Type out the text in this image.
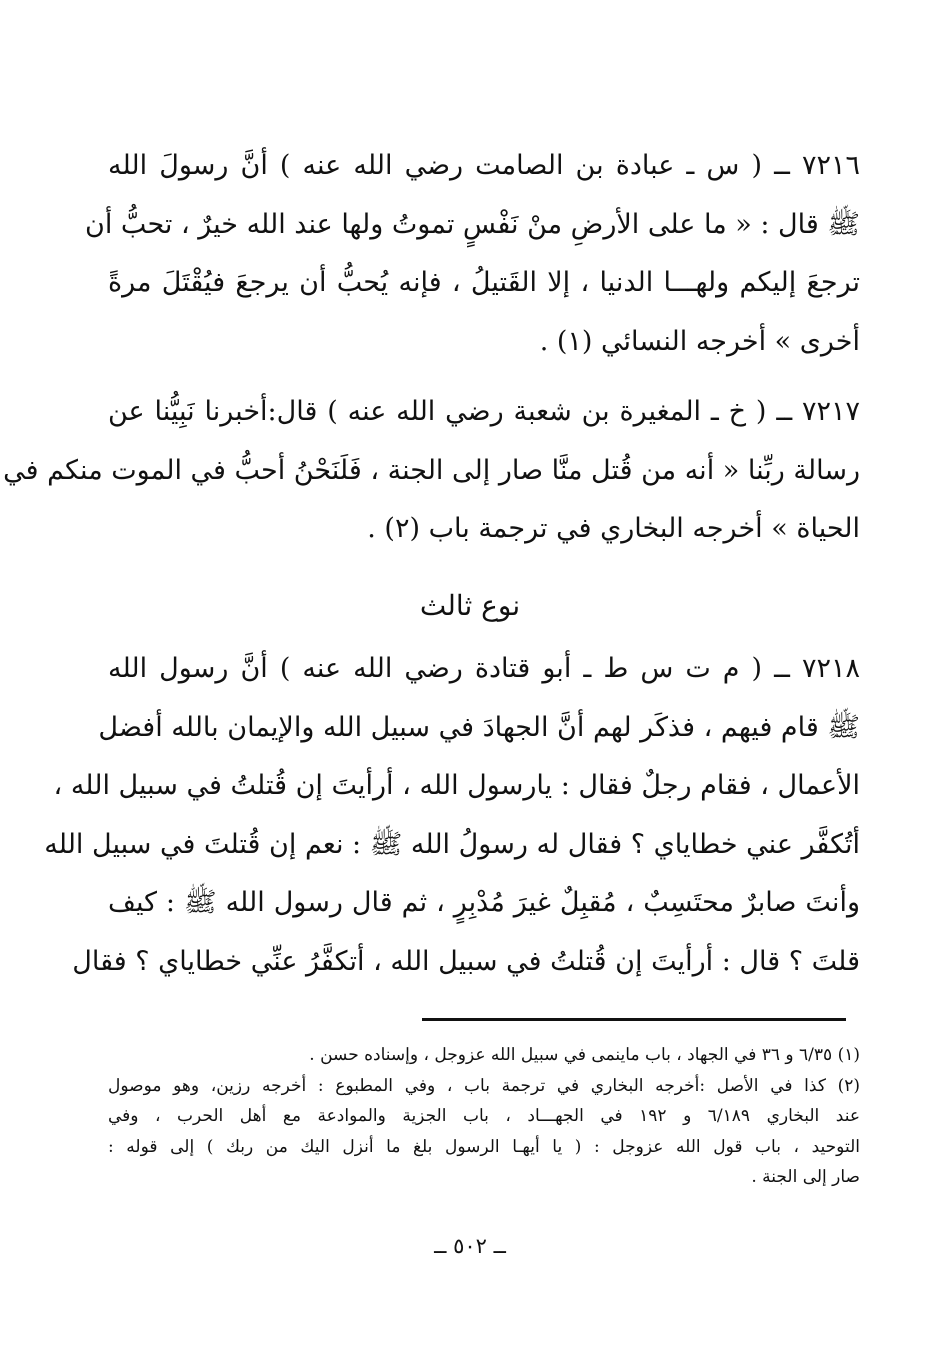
٧٢١٦ ــ ( س ـ عبادة بن الصامت رضي الله عنه ) أنَّ رسولَ الله
ﷺ قال : « ما على الأرضِ منْ نَفْسٍ تموتُ ولها عند الله خيرٌ ، تحبُّ أن
ترجعَ إليكم ولهـــا الدنيا ، إلا القَتيلُ ، فإنه يُحبُّ أن يرجعَ فيُقْتَلَ مرةً
أخرى » أخرجه النسائي (١) .
٧٢١٧ ــ ( خ ـ المغيرة بن شعبة رضي الله عنه ) قال:أخبرنا نَبِيُّنا عن
رسالة ربِّنا « أنه من قُتل منَّا صار إلى الجنة ، فَلَنَحْنُ أحبُّ في الموت منكم في
الحياة » أخرجه البخاري في ترجمة باب (٢) .
نوع ثالث
٧٢١٨ ــ ( م ت س ط ـ أبو قتادة رضي الله عنه ) أنَّ رسول الله
ﷺ قام فيهم ، فذكَر لهم أنَّ الجهادَ في سبيل الله والإيمان بالله أفضل
الأعمال ، فقام رجلٌ فقال : يارسول الله ، أرأيتَ إن قُتلتُ في سبيل الله ،
أتُكفَّر عني خطاياي ؟ فقال له رسولُ الله ﷺ : نعم إن قُتلتَ في سبيل الله
وأنتَ صابرٌ محتَسِبٌ ، مُقبِلٌ غيرَ مُدْبِرٍ ، ثم قال رسول الله ﷺ : كيف
قلتَ ؟ قال : أرأيتَ إن قُتلتُ في سبيل الله ، أتكفَّرُ عنِّي خطاياي ؟ فقال
(١) ٦/٣٥ و ٣٦ في الجهاد ، باب ماينمى في سبيل الله عزوجل ، وإسناده حسن .
(٢) كذا في الأصل :أخرجه البخاري في ترجمة باب ، وفي المطبوع : أخرجه رزين، وهو موصول
عند البخاري ٦/١٨٩ و ١٩٢ في الجهـــاد ، باب الجزية والموادعة مع أهل الحرب ، وفي
التوحيد ، باب قول الله عزوجل : ( يا أيهـا الرسول بلغ ما أنزل اليك من ربك ) إلى قوله :
صار إلى الجنة .
ــ ٥٠٢ ــ
